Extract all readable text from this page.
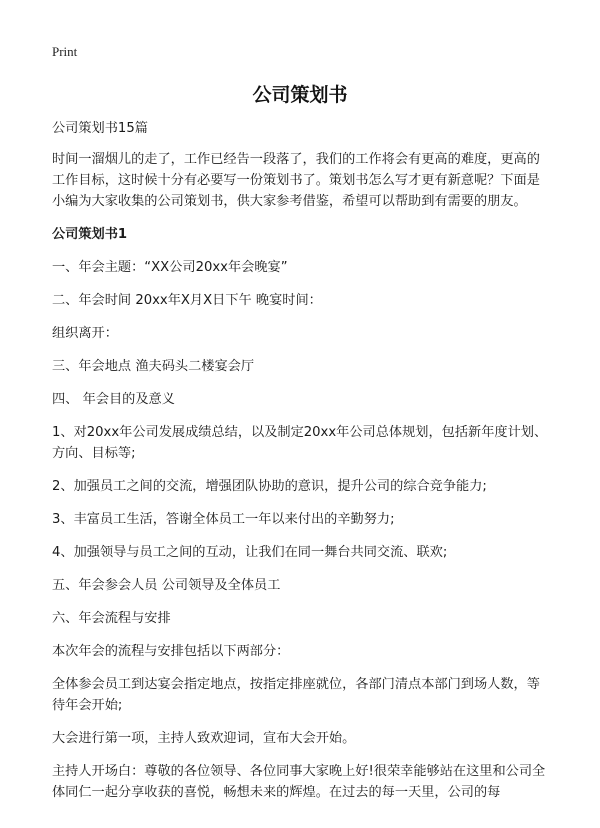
Print
公司策划书

公司策划书15篇

时间一溜烟儿的走了，工作已经告一段落了，我们的工作将会有更高的难度，更高的工作目标，这时候十分有必要写一份策划书了。策划书怎么写才更有新意呢？下面是小编为大家收集的公司策划书，供大家参考借鉴，希望可以帮助到有需要的朋友。

公司策划书1

一、年会主题：“XX公司20xx年会晚宴”

二、年会时间 20xx年X月X日下午 晚宴时间：

组织离开：

三、年会地点 渔夫码头二楼宴会厅

四、 年会目的及意义

1、对20xx年公司发展成绩总结，以及制定20xx年公司总体规划，包括新年度计划、方向、目标等;

2、加强员工之间的交流，增强团队协助的意识，提升公司的综合竞争能力;

3、丰富员工生活，答谢全体员工一年以来付出的辛勤努力;

4、加强领导与员工之间的互动，让我们在同一舞台共同交流、联欢;

五、年会参会人员 公司领导及全体员工

六、年会流程与安排

本次年会的流程与安排包括以下两部分：

全体参会员工到达宴会指定地点，按指定排座就位，各部门清点本部门到场人数，等待年会开始;

大会进行第一项，主持人致欢迎词，宣布大会开始。

主持人开场白：尊敬的各位领导、各位同事大家晚上好!很荣幸能够站在这里和公司全体同仁一起分享收获的喜悦，畅想未来的辉煌。在过去的每一天里，公司的每
